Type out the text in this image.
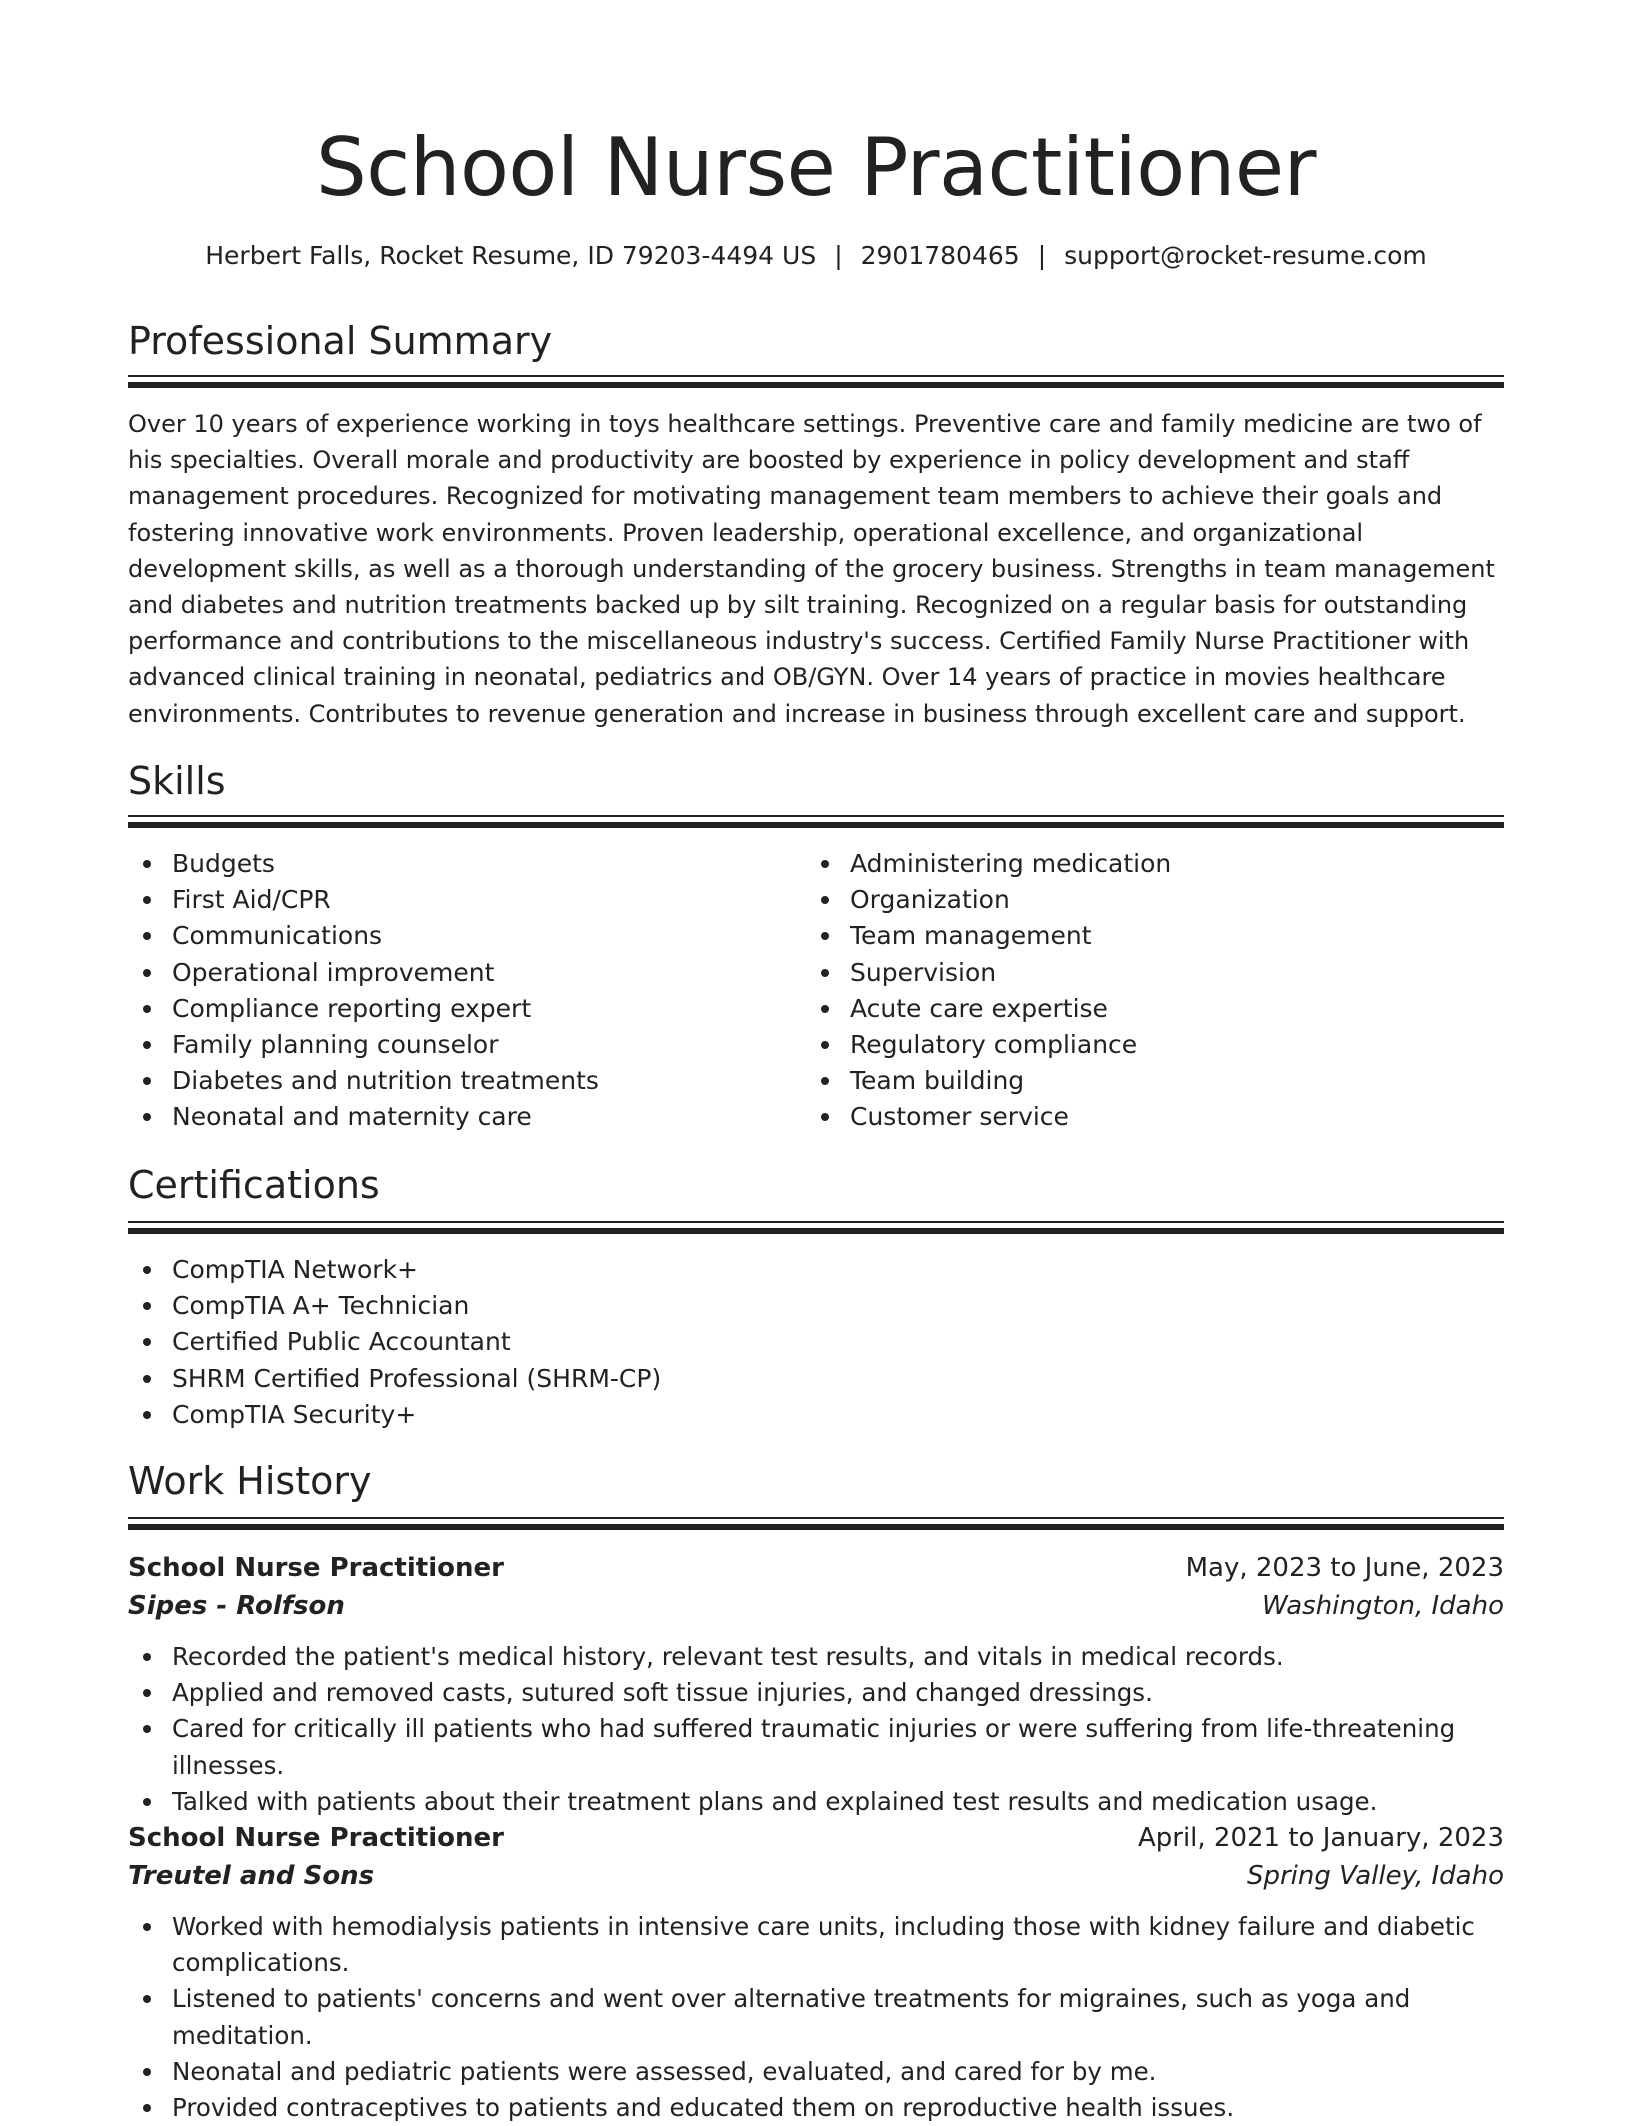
School Nurse Practitioner
Herbert Falls, Rocket Resume, ID 79203-4494 US | 2901780465 | support@rocket-resume.com
Professional Summary

Over 10 years of experience working in toys healthcare settings. Preventive care and family medicine are two of his specialties. Overall morale and productivity are boosted by experience in policy development and staff management procedures. Recognized for motivating management team members to achieve their goals and fostering innovative work environments. Proven leadership, operational excellence, and organizational development skills, as well as a thorough understanding of the grocery business. Strengths in team management and diabetes and nutrition treatments backed up by silt training. Recognized on a regular basis for outstanding performance and contributions to the miscellaneous industry's success. Certified Family Nurse Practitioner with advanced clinical training in neonatal, pediatrics and OB/GYN. Over 14 years of practice in movies healthcare environments. Contributes to revenue generation and increase in business through excellent care and support.

Skills
Budgets
First Aid/CPR
Communications
Operational improvement
Compliance reporting expert
Family planning counselor
Diabetes and nutrition treatments
Neonatal and maternity care
Administering medication
Organization
Team management
Supervision
Acute care expertise
Regulatory compliance
Team building
Customer service
Certifications
CompTIA Network+
CompTIA A+ Technician
Certified Public Accountant
SHRM Certified Professional (SHRM-CP)
CompTIA Security+
Work History
School Nurse Practitioner	May, 2023 to June, 2023
Sipes - Rolfson	Washington, Idaho
Recorded the patient's medical history, relevant test results, and vitals in medical records.
Applied and removed casts, sutured soft tissue injuries, and changed dressings.
Cared for critically ill patients who had suffered traumatic injuries or were suffering from life-threatening illnesses.
Talked with patients about their treatment plans and explained test results and medication usage.
School Nurse Practitioner	April, 2021 to January, 2023
Treutel and Sons	Spring Valley, Idaho
Worked with hemodialysis patients in intensive care units, including those with kidney failure and diabetic complications.
Listened to patients' concerns and went over alternative treatments for migraines, such as yoga and meditation.
Neonatal and pediatric patients were assessed, evaluated, and cared for by me.
Provided contraceptives to patients and educated them on reproductive health issues.
